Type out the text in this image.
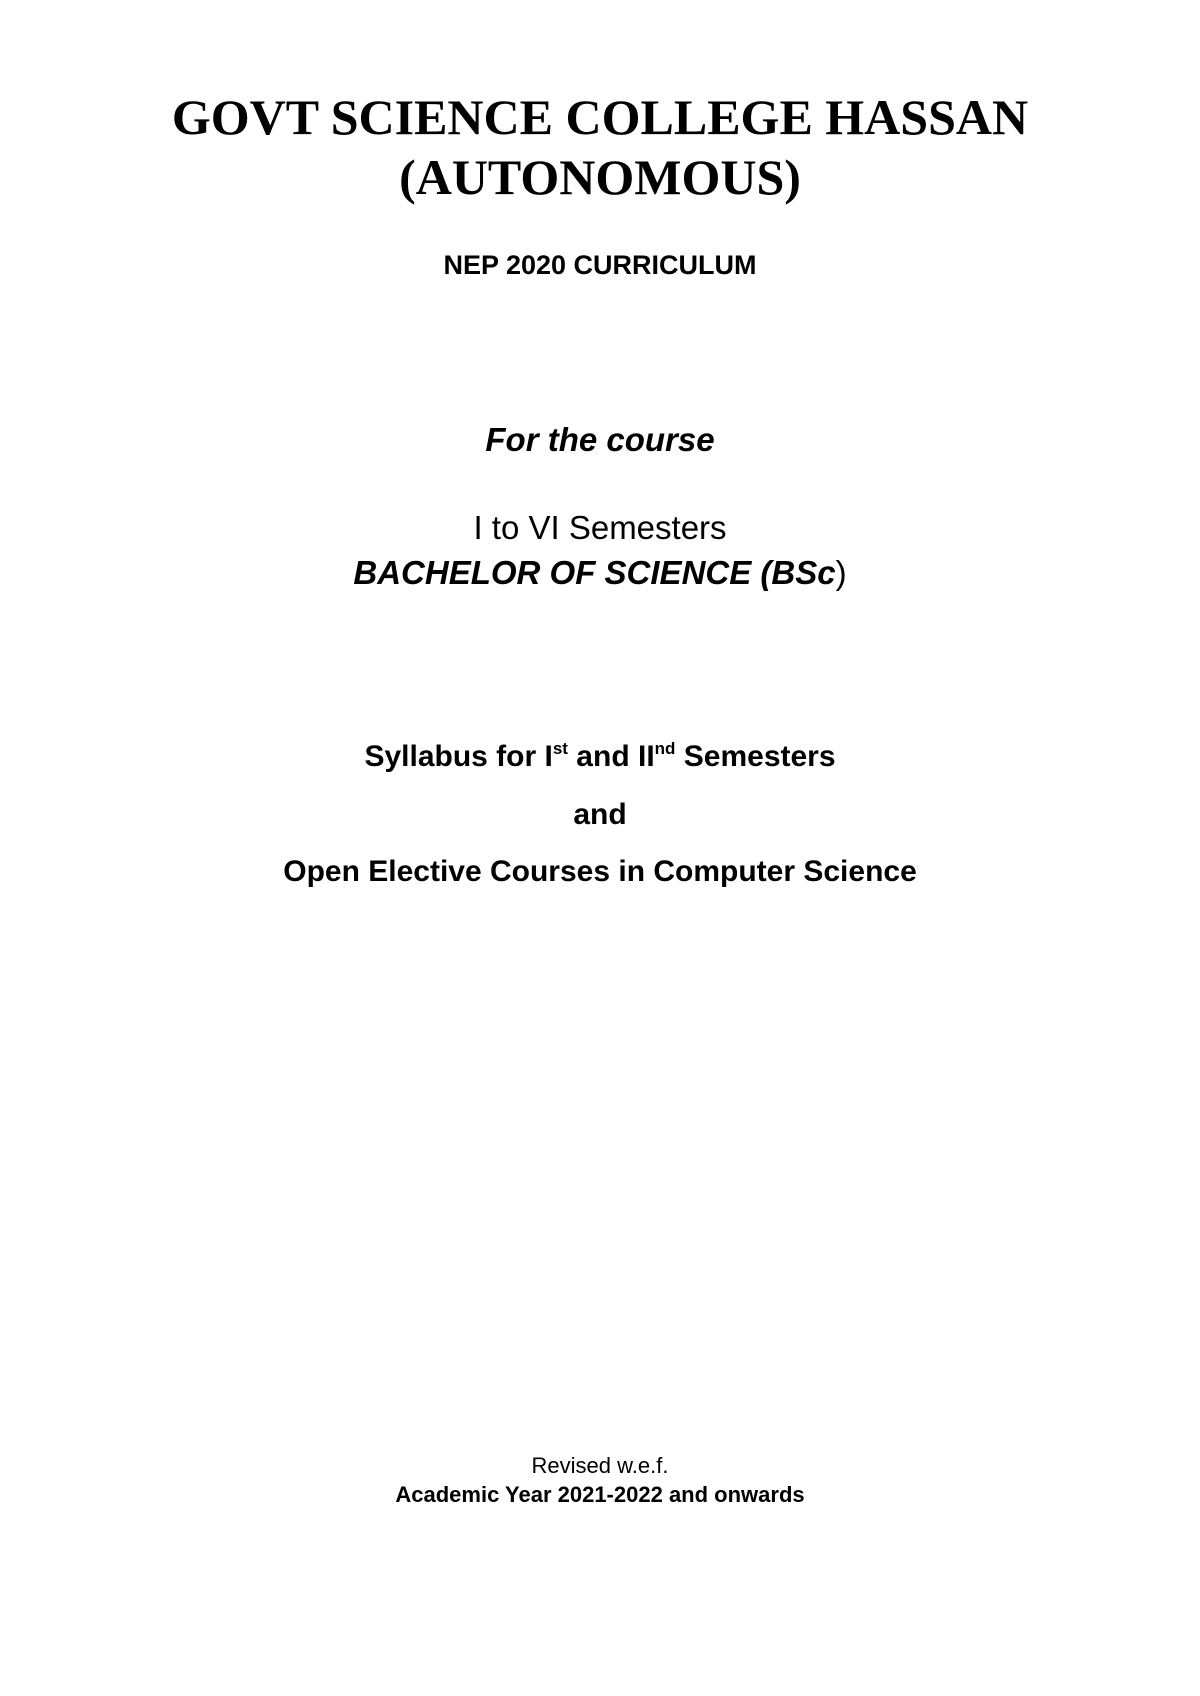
GOVT SCIENCE COLLEGE HASSAN
(AUTONOMOUS)
NEP 2020 CURRICULUM
For the course
I to VI Semesters
BACHELOR OF SCIENCE (BSc)
Syllabus for Ist and IInd Semesters
and
Open Elective Courses in Computer Science
Revised w.e.f.
Academic Year 2021-2022 and onwards
